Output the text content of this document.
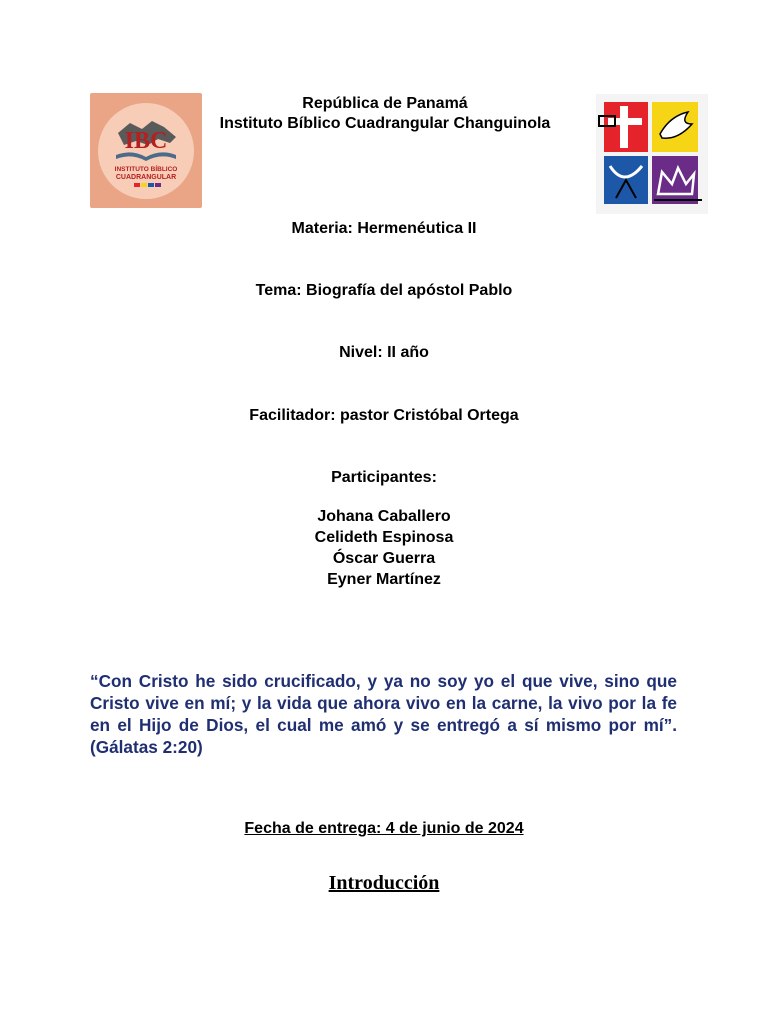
IBC
INSTITUTO BÍBLICO
CUADRANGULAR
República de Panamá
Instituto Bíblico Cuadrangular Changuinola
Materia: Hermenéutica II
Tema: Biografía del apóstol Pablo
Nivel: II año
Facilitador: pastor Cristóbal Ortega
Participantes:
Johana Caballero
Celideth Espinosa
Óscar Guerra
Eyner Martínez
“Con Cristo he sido crucificado, y ya no soy yo el que vive, sino que Cristo vive en mí; y la vida que ahora vivo en la carne, la vivo por la fe en el Hijo de Dios, el cual me amó y se entregó a sí mismo por mí”. (Gálatas 2:20)
Fecha de entrega: 4 de junio de 2024
Introducción
